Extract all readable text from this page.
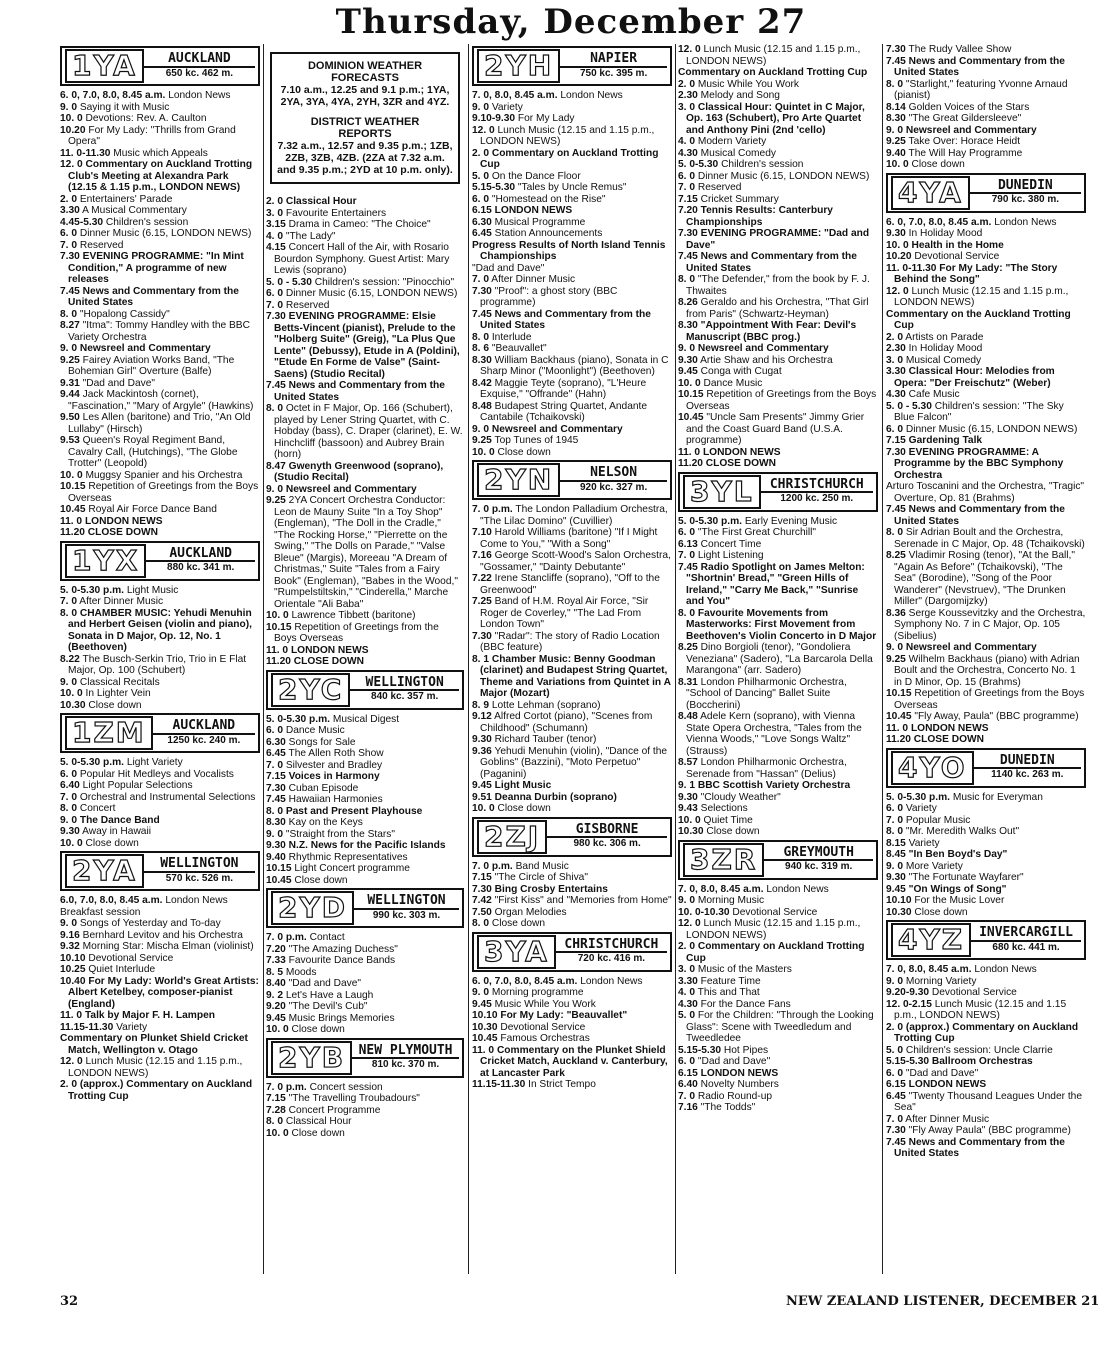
Thursday, December 27
1YA	AUCKLAND
650 kc. 462 m.

6. 0, 7.0, 8.0, 8.45 a.m. London News

9. 0 Saying it with Music

10. 0 Devotions: Rev. A. Caulton

10.20 For My Lady: "Thrills from Grand Opera"

11. 0-11.30 Music which Appeals

12. 0 Commentary on Auckland Trotting Club's Meeting at Alexandra Park (12.15 & 1.15 p.m., LONDON NEWS)

2. 0 Entertainers' Parade

3.30 A Musical Commentary

4.45-5.30 Children's session

6. 0 Dinner Music (6.15, LONDON NEWS)

7. 0 Reserved

7.30 EVENING PROGRAMME: "In Mint Condition," A programme of new releases

7.45 News and Commentary from the United States

8. 0 "Hopalong Cassidy"

8.27 "Itma": Tommy Handley with the BBC Variety Orchestra

9. 0 Newsreel and Commentary

9.25 Fairey Aviation Works Band, "The Bohemian Girl" Overture (Balfe)

9.31 "Dad and Dave"

9.44 Jack Mackintosh (cornet), "Fascination," "Mary of Argyle" (Hawkins)

9.50 Les Allen (baritone) and Trio, "An Old Lullaby" (Hirsch)

9.53 Queen's Royal Regiment Band, Cavalry Call, (Hutchings), "The Globe Trotter" (Leopold)

10. 0 Muggsy Spanier and his Orchestra

10.15 Repetition of Greetings from the Boys Overseas

10.45 Royal Air Force Dance Band

11. 0 LONDON NEWS

11.20 CLOSE DOWN

1YX	AUCKLAND
880 kc. 341 m.

5. 0-5.30 p.m. Light Music

7. 0 After Dinner Music

8. 0 CHAMBER MUSIC: Yehudi Menuhin and Herbert Geisen (violin and piano), Sonata in D Major, Op. 12, No. 1 (Beethoven)

8.22 The Busch-Serkin Trio, Trio in E Flat Major, Op. 100 (Schubert)

9. 0 Classical Recitals

10. 0 In Lighter Vein

10.30 Close down

1ZM	AUCKLAND
1250 kc. 240 m.

5. 0-5.30 p.m. Light Variety

6. 0 Popular Hit Medleys and Vocalists

6.40 Light Popular Selections

7. 0 Orchestral and Instrumental Selections

8. 0 Concert

9. 0 The Dance Band

9.30 Away in Hawaii

10. 0 Close down

2YA	WELLINGTON
570 kc. 526 m.

6.0, 7.0, 8.0, 8.45 a.m. London News

Breakfast session

9. 0 Songs of Yesterday and To-day

9.16 Bernhard Levitov and his Orchestra

9.32 Morning Star: Mischa Elman (violinist)

10.10 Devotional Service

10.25 Quiet Interlude

10.40 For My Lady: World's Great Artists: Albert Ketelbey, composer-pianist (England)

11. 0 Talk by Major F. H. Lampen

11.15-11.30 Variety

Commentary on Plunket Shield Cricket Match, Wellington v. Otago

12. 0 Lunch Music (12.15 and 1.15 p.m., LONDON NEWS)

2. 0 (approx.) Commentary on Auckland Trotting Cup

DOMINION WEATHER
FORECASTS
7.10 a.m., 12.25 and 9.1 p.m.; 1YA, 2YA, 3YA, 4YA, 2YH, 3ZR and 4YZ.
DISTRICT WEATHER
REPORTS
7.32 a.m., 12.57 and 9.35 p.m.; 1ZB, 2ZB, 3ZB, 4ZB. (2ZA at 7.32 a.m. and 9.35 p.m.; 2YD at 10 p.m. only).

2. 0 Classical Hour

3. 0 Favourite Entertainers

3.15 Drama in Cameo: "The Choice"

4. 0 "The Lady"

4.15 Concert Hall of the Air, with Rosario Bourdon Symphony. Guest Artist: Mary Lewis (soprano)

5. 0 - 5.30 Children's session: "Pinocchio"

6. 0 Dinner Music (6.15, LONDON NEWS)

7. 0 Reserved

7.30 EVENING PROGRAMME: Elsie Betts-Vincent (pianist), Prelude to the "Holberg Suite" (Greig), "La Plus Que Lente" (Debussy), Etude in A (Poldini), "Etude En Forme de Valse" (Saint-Saens) (Studio Recital)

7.45 News and Commentary from the United States

8. 0 Octet in F Major, Op. 166 (Schubert), played by Lener String Quartet, with C. Hobday (bass), C. Draper (clarinet), E. W. Hinchcliff (bassoon) and Aubrey Brain (horn)

8.47 Gwenyth Greenwood (soprano), (Studio Recital)

9. 0 Newsreel and Commentary

9.25 2YA Concert Orchestra Conductor: Leon de Mauny Suite "In a Toy Shop" (Engleman), "The Doll in the Cradle," "The Rocking Horse," "Pierrette on the Swing," "The Dolls on Parade," "Valse Bleue" (Margis), Moreeau "A Dream of Christmas," Suite "Tales from a Fairy Book" (Engleman), "Babes in the Wood," "Rumpelstiltskin," "Cinderella," Marche Orientale "Ali Baba"

10. 0 Lawrence Tibbett (baritone)

10.15 Repetition of Greetings from the Boys Overseas

11. 0 LONDON NEWS

11.20 CLOSE DOWN

2YC	WELLINGTON
840 kc. 357 m.

5. 0-5.30 p.m. Musical Digest

6. 0 Dance Music

6.30 Songs for Sale

6.45 The Allen Roth Show

7. 0 Silvester and Bradley

7.15 Voices in Harmony

7.30 Cuban Episode

7.45 Hawaiian Harmonies

8. 0 Past and Present Playhouse

8.30 Kay on the Keys

9. 0 "Straight from the Stars"

9.30 N.Z. News for the Pacific Islands

9.40 Rhythmic Representatives

10.15 Light Concert programme

10.45 Close down

2YD	WELLINGTON
990 kc. 303 m.

7. 0 p.m. Contact

7.20 "The Amazing Duchess"

7.33 Favourite Dance Bands

8. 5 Moods

8.40 "Dad and Dave"

9. 2 Let's Have a Laugh

9.20 "The Devil's Cub"

9.45 Music Brings Memories

10. 0 Close down

2YB	NEW PLYMOUTH
810 kc. 370 m.

7. 0 p.m. Concert session

7.15 "The Travelling Troubadours"

7.28 Concert Programme

8. 0 Classical Hour

10. 0 Close down

2YH	NAPIER
750 kc. 395 m.

7. 0, 8.0, 8.45 a.m. London News

9. 0 Variety

9.10-9.30 For My Lady

12. 0 Lunch Music (12.15 and 1.15 p.m., LONDON NEWS)

2. 0 Commentary on Auckland Trotting Cup

5. 0 On the Dance Floor

5.15-5.30 "Tales by Uncle Remus"

6. 0 "Homestead on the Rise"

6.15 LONDON NEWS

6.30 Musical Programme

6.45 Station Announcements

Progress Results of North Island Tennis Championships

"Dad and Dave"

7. 0 After Dinner Music

7.30 "Proof": a ghost story (BBC programme)

7.45 News and Commentary from the United States

8. 0 Interlude

8. 6 "Beauvallet"

8.30 William Backhaus (piano), Sonata in C Sharp Minor ("Moonlight") (Beethoven)

8.42 Maggie Teyte (soprano), "L'Heure Exquise," "Offrande" (Hahn)

8.48 Budapest String Quartet, Andante Cantabile (Tchaikovski)

9. 0 Newsreel and Commentary

9.25 Top Tunes of 1945

10. 0 Close down

2YN	NELSON
920 kc. 327 m.

7. 0 p.m. The London Palladium Orchestra, "The Lilac Domino" (Cuvillier)

7.10 Harold Williams (baritone) "If I Might Come to You," "With a Song"

7.16 George Scott-Wood's Salon Orchestra, "Gossamer," "Dainty Debutante"

7.22 Irene Stancliffe (soprano), "Off to the Greenwood"

7.25 Band of H.M. Royal Air Force, "Sir Roger de Coverley," "The Lad From London Town"

7.30 "Radar": The story of Radio Location (BBC feature)

8. 1 Chamber Music: Benny Goodman (clarinet) and Budapest String Quartet, Theme and Variations from Quintet in A Major (Mozart)

8. 9 Lotte Lehman (soprano)

9.12 Alfred Cortot (piano), "Scenes from Childhood" (Schumann)

9.30 Richard Tauber (tenor)

9.36 Yehudi Menuhin (violin), "Dance of the Goblins" (Bazzini), "Moto Perpetuo" (Paganini)

9.45 Light Music

9.51 Deanna Durbin (soprano)

10. 0 Close down

2ZJ	GISBORNE
980 kc. 306 m.

7. 0 p.m. Band Music

7.15 "The Circle of Shiva"

7.30 Bing Crosby Entertains

7.42 "First Kiss" and "Memories from Home"

7.50 Organ Melodies

8. 0 Close down

3YA	CHRISTCHURCH
720 kc. 416 m.

6. 0, 7.0, 8.0, 8.45 a.m. London News

9. 0 Morning programme

9.45 Music While You Work

10.10 For My Lady: "Beauvallet"

10.30 Devotional Service

10.45 Famous Orchestras

11. 0 Commentary on the Plunket Shield Cricket Match, Auckland v. Canterbury, at Lancaster Park

11.15-11.30 In Strict Tempo

12. 0 Lunch Music (12.15 and 1.15 p.m., LONDON NEWS)

Commentary on Auckland Trotting Cup

2. 0 Music While You Work

2.30 Melody and Song

3. 0 Classical Hour: Quintet in C Major, Op. 163 (Schubert), Pro Arte Quartet and Anthony Pini (2nd 'cello)

4. 0 Modern Variety

4.30 Musical Comedy

5. 0-5.30 Children's session

6. 0 Dinner Music (6.15, LONDON NEWS)

7. 0 Reserved

7.15 Cricket Summary

7.20 Tennis Results: Canterbury Championships

7.30 EVENING PROGRAMME: "Dad and Dave"

7.45 News and Commentary from the United States

8. 0 "The Defender," from the book by F. J. Thwaites

8.26 Geraldo and his Orchestra, "That Girl from Paris" (Schwartz-Heyman)

8.30 "Appointment With Fear: Devil's Manuscript (BBC prog.)

9. 0 Newsreel and Commentary

9.30 Artie Shaw and his Orchestra

9.45 Conga with Cugat

10. 0 Dance Music

10.15 Repetition of Greetings from the Boys Overseas

10.45 "Uncle Sam Presents" Jimmy Grier and the Coast Guard Band (U.S.A. programme)

11. 0 LONDON NEWS

11.20 CLOSE DOWN

3YL	CHRISTCHURCH
1200 kc. 250 m.

5. 0-5.30 p.m. Early Evening Music

6. 0 "The First Great Churchill"

6.13 Concert Time

7. 0 Light Listening

7.45 Radio Spotlight on James Melton: "Shortnin' Bread," "Green Hills of Ireland," "Carry Me Back," "Sunrise and You"

8. 0 Favourite Movements from Masterworks: First Movement from Beethoven's Violin Concerto in D Major

8.25 Dino Borgioli (tenor), "Gondoliera Veneziana" (Sadero), "La Barcarola Della Marangona" (arr. Sadero)

8.31 London Philharmonic Orchestra, "School of Dancing" Ballet Suite (Boccherini)

8.48 Adele Kern (soprano), with Vienna State Opera Orchestra, "Tales from the Vienna Woods," "Love Songs Waltz" (Strauss)

8.57 London Philharmonic Orchestra, Serenade from "Hassan" (Delius)

9. 1 BBC Scottish Variety Orchestra

9.30 "Cloudy Weather"

9.43 Selections

10. 0 Quiet Time

10.30 Close down

3ZR	GREYMOUTH
940 kc. 319 m.

7. 0, 8.0, 8.45 a.m. London News

9. 0 Morning Music

10. 0-10.30 Devotional Service

12. 0 Lunch Music (12.15 and 1.15 p.m., LONDON NEWS)

2. 0 Commentary on Auckland Trotting Cup

3. 0 Music of the Masters

3.30 Feature Time

4. 0 This and That

4.30 For the Dance Fans

5. 0 For the Children: "Through the Looking Glass": Scene with Tweedledum and Tweedledee

5.15-5.30 Hot Pipes

6. 0 "Dad and Dave"

6.15 LONDON NEWS

6.40 Novelty Numbers

7. 0 Radio Round-up

7.16 "The Todds"

7.30 The Rudy Vallee Show

7.45 News and Commentary from the United States

8. 0 "Starlight," featuring Yvonne Arnaud (pianist)

8.14 Golden Voices of the Stars

8.30 "The Great Gildersleeve"

9. 0 Newsreel and Commentary

9.25 Take Over: Horace Heidt

9.40 The Will Hay Programme

10. 0 Close down

4YA	DUNEDIN
790 kc. 380 m.

6. 0, 7.0, 8.0, 8.45 a.m. London News

9.30 In Holiday Mood

10. 0 Health in the Home

10.20 Devotional Service

11. 0-11.30 For My Lady: "The Story Behind the Song"

12. 0 Lunch Music (12.15 and 1.15 p.m., LONDON NEWS)

Commentary on the Auckland Trotting Cup

2. 0 Artists on Parade

2.30 In Holiday Mood

3. 0 Musical Comedy

3.30 Classical Hour: Melodies from Opera: "Der Freischutz" (Weber)

4.30 Cafe Music

5. 0 - 5.30 Children's session: "The Sky Blue Falcon"

6. 0 Dinner Music (6.15, LONDON NEWS)

7.15 Gardening Talk

7.30 EVENING PROGRAMME: A Programme by the BBC Symphony Orchestra

Arturo Toscanini and the Orchestra, "Tragic" Overture, Op. 81 (Brahms)

7.45 News and Commentary from the United States

8. 0 Sir Adrian Boult and the Orchestra, Serenade in C Major, Op. 48 (Tchaikovski)

8.25 Vladimir Rosing (tenor), "At the Ball," "Again As Before" (Tchaikovski), "The Sea" (Borodine), "Song of the Poor Wanderer" (Nevstruev), "The Drunken Miller" (Dargomijzky)

8.36 Serge Koussevitzky and the Orchestra, Symphony No. 7 in C Major, Op. 105 (Sibelius)

9. 0 Newsreel and Commentary

9.25 Wilhelm Backhaus (piano) with Adrian Boult and the Orchestra, Concerto No. 1 in D Minor, Op. 15 (Brahms)

10.15 Repetition of Greetings from the Boys Overseas

10.45 "Fly Away, Paula" (BBC programme)

11. 0 LONDON NEWS

11.20 CLOSE DOWN

4YO	DUNEDIN
1140 kc. 263 m.

5. 0-5.30 p.m. Music for Everyman

6. 0 Variety

7. 0 Popular Music

8. 0 "Mr. Meredith Walks Out"

8.15 Variety

8.45 "In Ben Boyd's Day"

9. 0 More Variety

9.30 "The Fortunate Wayfarer"

9.45 "On Wings of Song"

10.10 For the Music Lover

10.30 Close down

4YZ	INVERCARGILL
680 kc. 441 m.

7. 0, 8.0, 8.45 a.m. London News

9. 0 Morning Variety

9.20-9.30 Devotional Service

12. 0-2.15 Lunch Music (12.15 and 1.15 p.m., LONDON NEWS)

2. 0 (approx.) Commentary on Auckland Trotting Cup

5. 0 Children's session: Uncle Clarrie

5.15-5.30 Ballroom Orchestras

6. 0 "Dad and Dave"

6.15 LONDON NEWS

6.45 "Twenty Thousand Leagues Under the Sea"

7. 0 After Dinner Music

7.30 "Fly Away Paula" (BBC programme)

7.45 News and Commentary from the United States

32	NEW ZEALAND LISTENER, DECEMBER 21
